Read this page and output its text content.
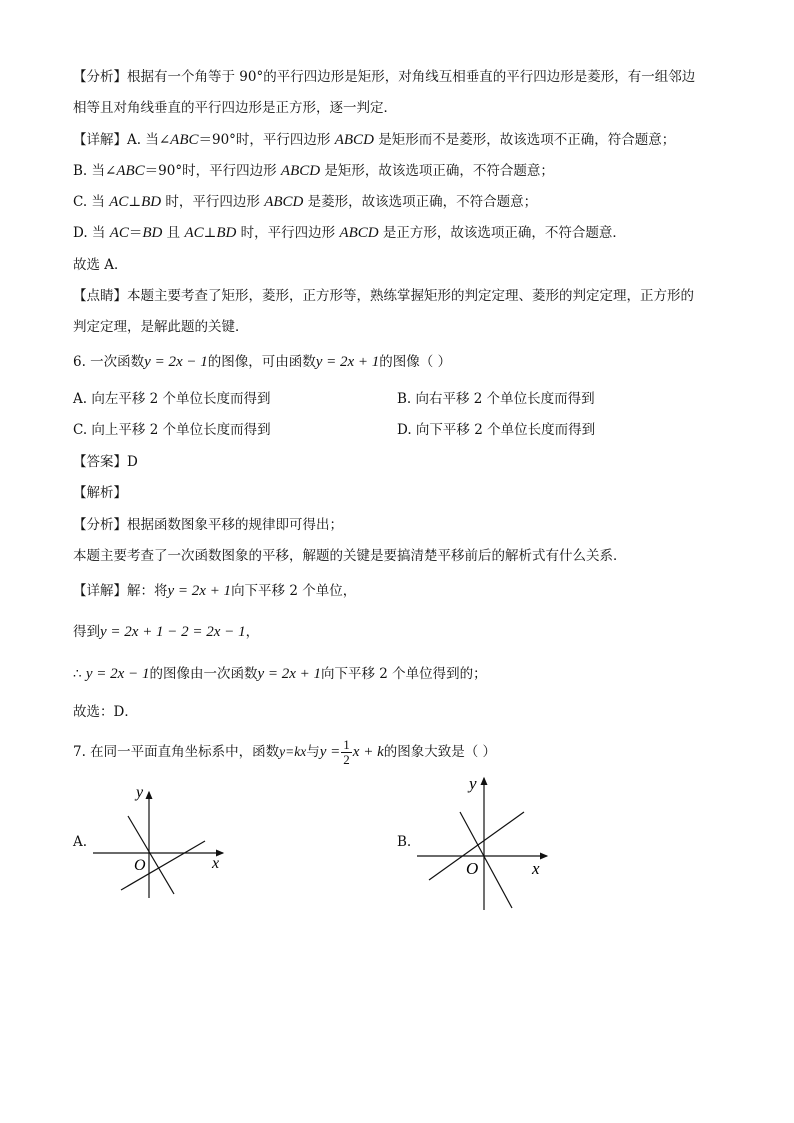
【分析】根据有一个角等于 90°的平行四边形是矩形，对角线互相垂直的平行四边形是菱形，有一组邻边
相等且对角线垂直的平行四边形是正方形，逐一判定．
【详解】A. 当∠ABC＝90°时，平行四边形 ABCD 是矩形而不是菱形，故该选项不正确，符合题意；
B. 当∠ABC＝90°时，平行四边形 ABCD 是矩形，故该选项正确，不符合题意；
C. 当 AC⊥BD 时，平行四边形 ABCD 是菱形，故该选项正确，不符合题意；
D. 当 AC＝BD 且 AC⊥BD 时，平行四边形 ABCD 是正方形，故该选项正确，不符合题意．
故选 A．
【点睛】本题主要考查了矩形，菱形，正方形等，熟练掌握矩形的判定定理、菱形的判定定理，正方形的
判定定理，是解此题的关键．
6. 一次函数y = 2x − 1的图像，可由函数y = 2x + 1的图像（ ）
A. 向左平移 2 个单位长度而得到	B. 向右平移 2 个单位长度而得到
C. 向上平移 2 个单位长度而得到	D. 向下平移 2 个单位长度而得到
【答案】D
【解析】
【分析】根据函数图象平移的规律即可得出；
本题主要考查了一次函数图象的平移，解题的关键是要搞清楚平移前后的解析式有什么关系．
【详解】解：将y = 2x + 1向下平移 2 个单位，
得到y = 2x + 1 − 2 = 2x − 1，
∴ y = 2x − 1的图像由一次函数y = 2x + 1向下平移 2 个单位得到的；
故选：D．
7. 在同一平面直角坐标系中，函数y=kx与$y = \frac{1}{2}$ x + k的图象大致是（ ）
A.
y
x
O
B.
y
x
O
